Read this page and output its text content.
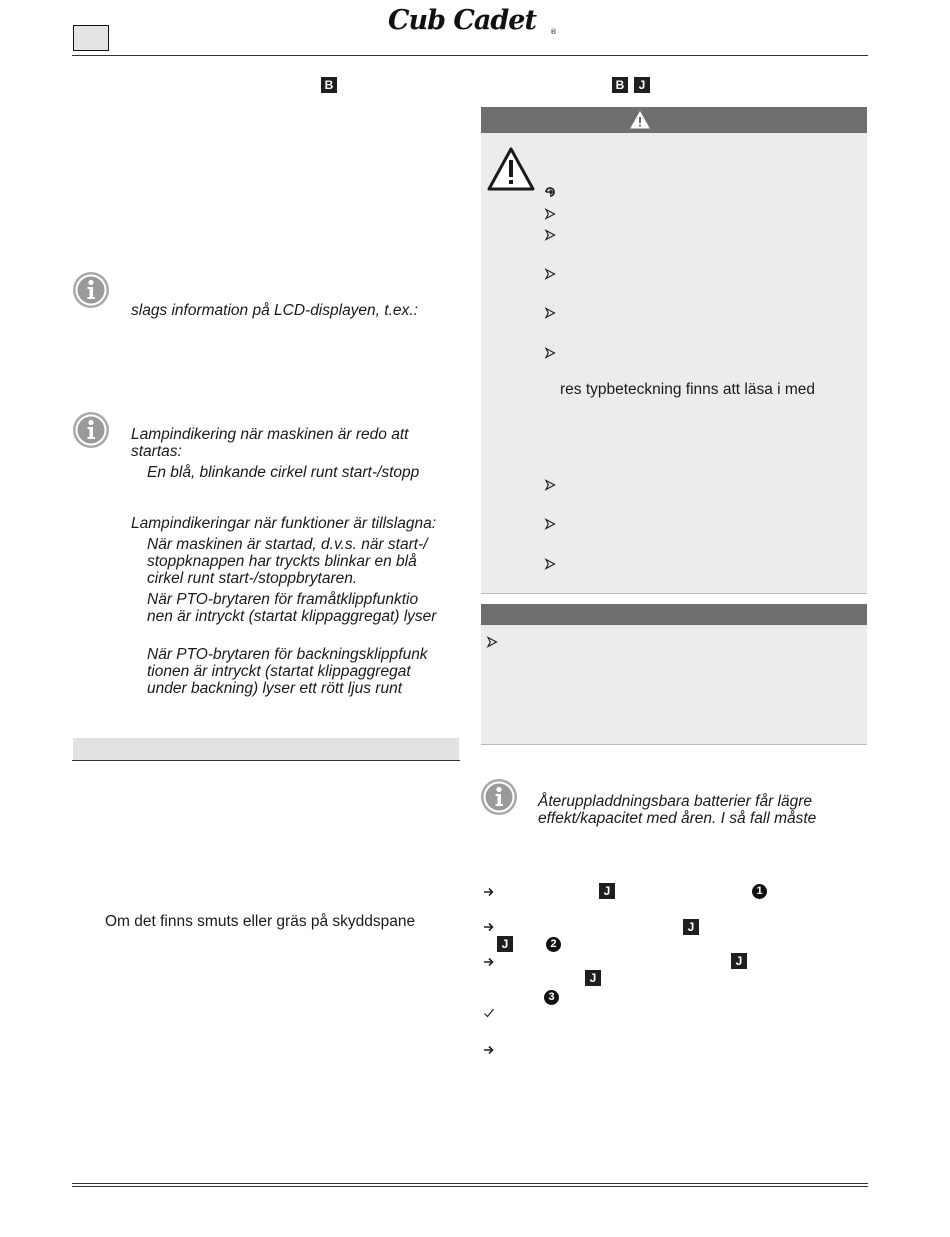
Cub Cadet ®
B	B	J
slags information på LCD-displayen, t.ex.:
Lampindikering när maskinen är redo att
startas:
En blå, blinkande cirkel runt start-/stopp
Lampindikeringar när funktioner är tillslagna:
När maskinen är startad, d.v.s. när start-/
stoppknappen har tryckts blinkar en blå
cirkel runt start-/stoppbrytaren.
När PTO-brytaren för framåtklippfunktio
nen är intryckt (startat klippaggregat) lyser
När PTO-brytaren för backningsklippfunk
tionen är intryckt (startat klippaggregat
under backning) lyser ett rött ljus runt
Om det finns smuts eller gräs på skyddspane
res typbeteckning finns att läsa i med
Återuppladdningsbara batterier får lägre
effekt/kapacitet med åren. I så fall måste
J	1
J
J	2
J
J
3
